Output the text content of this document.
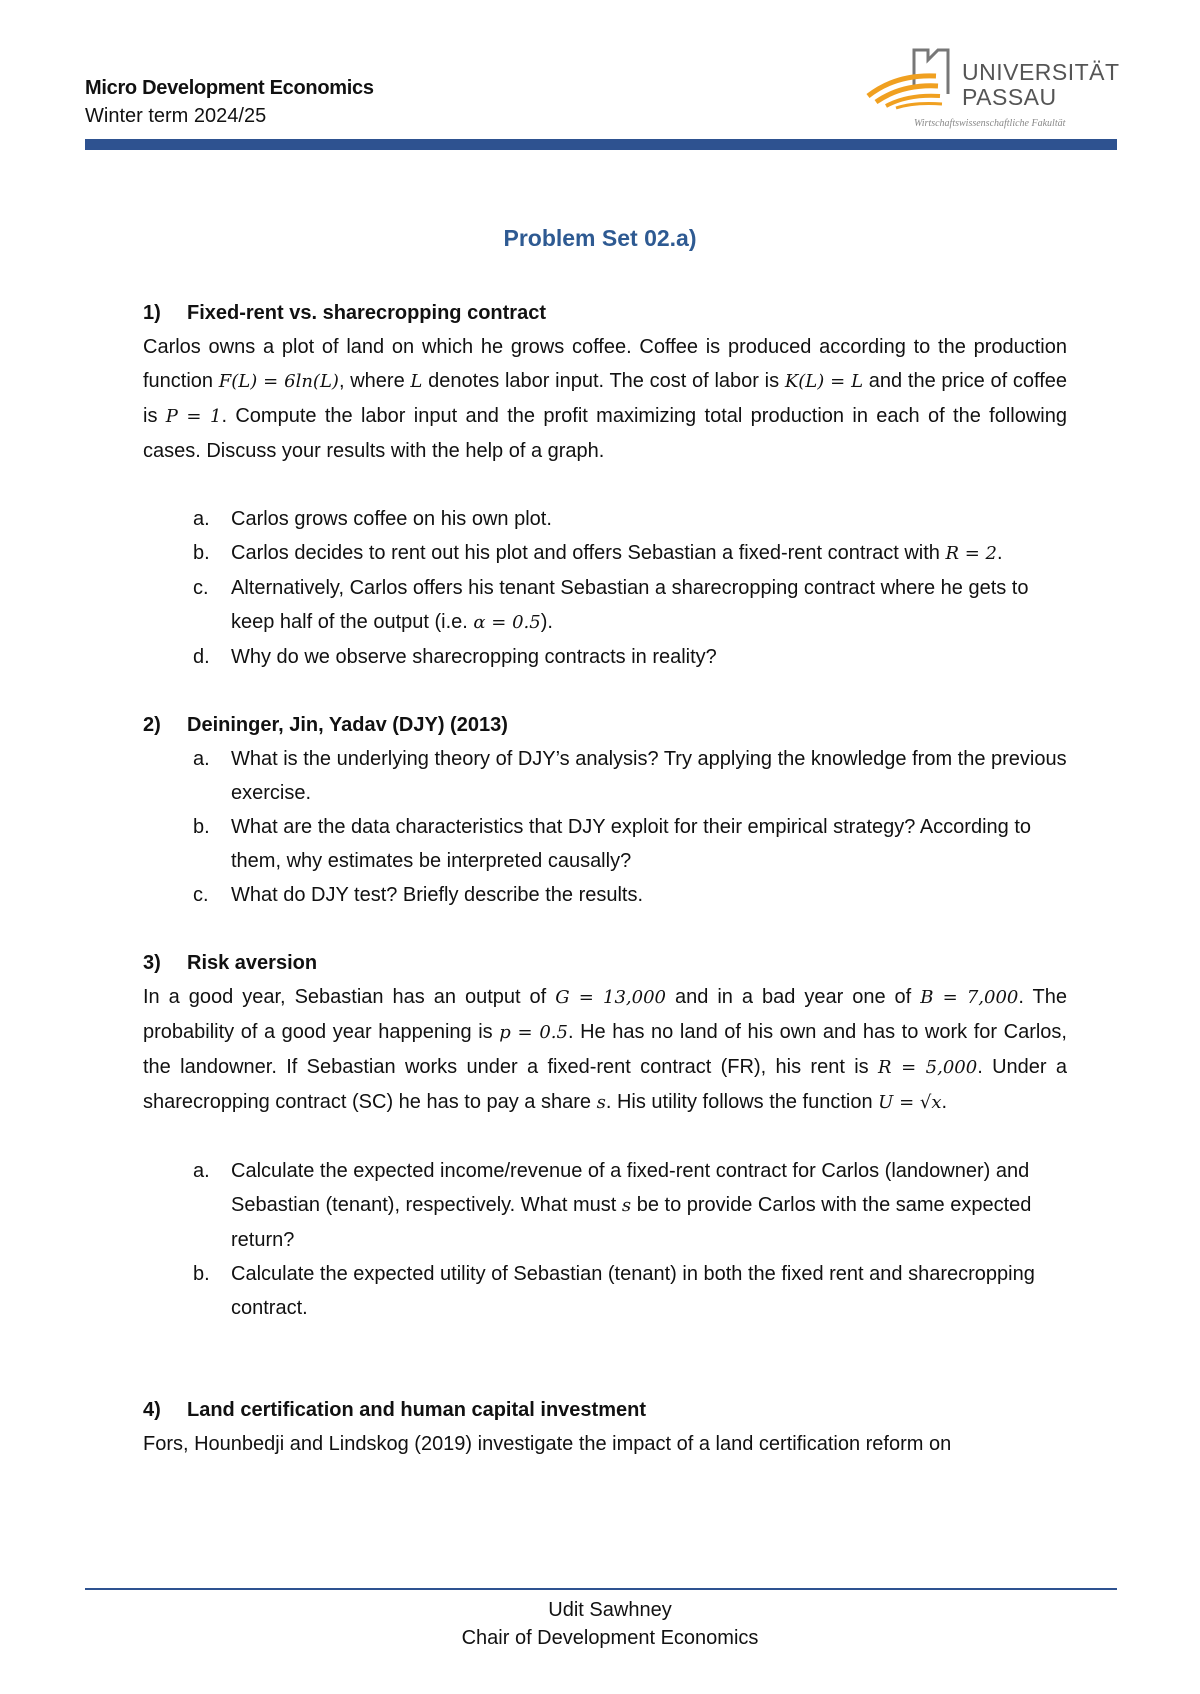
Micro Development Economics
Winter term 2024/25
UNIVERSITÄT
PASSAU
Wirtschaftswissenschaftliche Fakultät
Problem Set 02.a)
1)	Fixed-rent vs. sharecropping contract
Carlos owns a plot of land on which he grows coffee. Coffee is produced according to the production function F(L) = 6ln(L), where L denotes labor input. The cost of labor is K(L) = L and the price of coffee is P = 1. Compute the labor input and the profit maximizing total production in each of the following cases. Discuss your results with the help of a graph.
a.	Carlos grows coffee on his own plot.
b.	Carlos decides to rent out his plot and offers Sebastian a fixed-rent contract with R = 2.
c.	Alternatively, Carlos offers his tenant Sebastian a sharecropping contract where he gets to keep half of the output (i.e. α = 0.5).
d.	Why do we observe sharecropping contracts in reality?
2)	Deininger, Jin, Yadav (DJY) (2013)
a.	What is the underlying theory of DJY’s analysis? Try applying the knowledge from the previous exercise.
b.	What are the data characteristics that DJY exploit for their empirical strategy? According to them, why estimates be interpreted causally?
c.	What do DJY test? Briefly describe the results.
3)	Risk aversion
In a good year, Sebastian has an output of G = 13,000 and in a bad year one of B = 7,000. The probability of a good year happening is p = 0.5. He has no land of his own and has to work for Carlos, the landowner. If Sebastian works under a fixed-rent contract (FR), his rent is R = 5,000. Under a sharecropping contract (SC) he has to pay a share s. His utility follows the function U = √x.
a.	Calculate the expected income/revenue of a fixed-rent contract for Carlos (landowner) and Sebastian (tenant), respectively. What must s be to provide Carlos with the same expected return?
b.	Calculate the expected utility of Sebastian (tenant) in both the fixed rent and sharecropping contract.
4)	Land certification and human capital investment
Fors, Hounbedji and Lindskog (2019) investigate the impact of a land certification reform on
Udit Sawhney
Chair of Development Economics
